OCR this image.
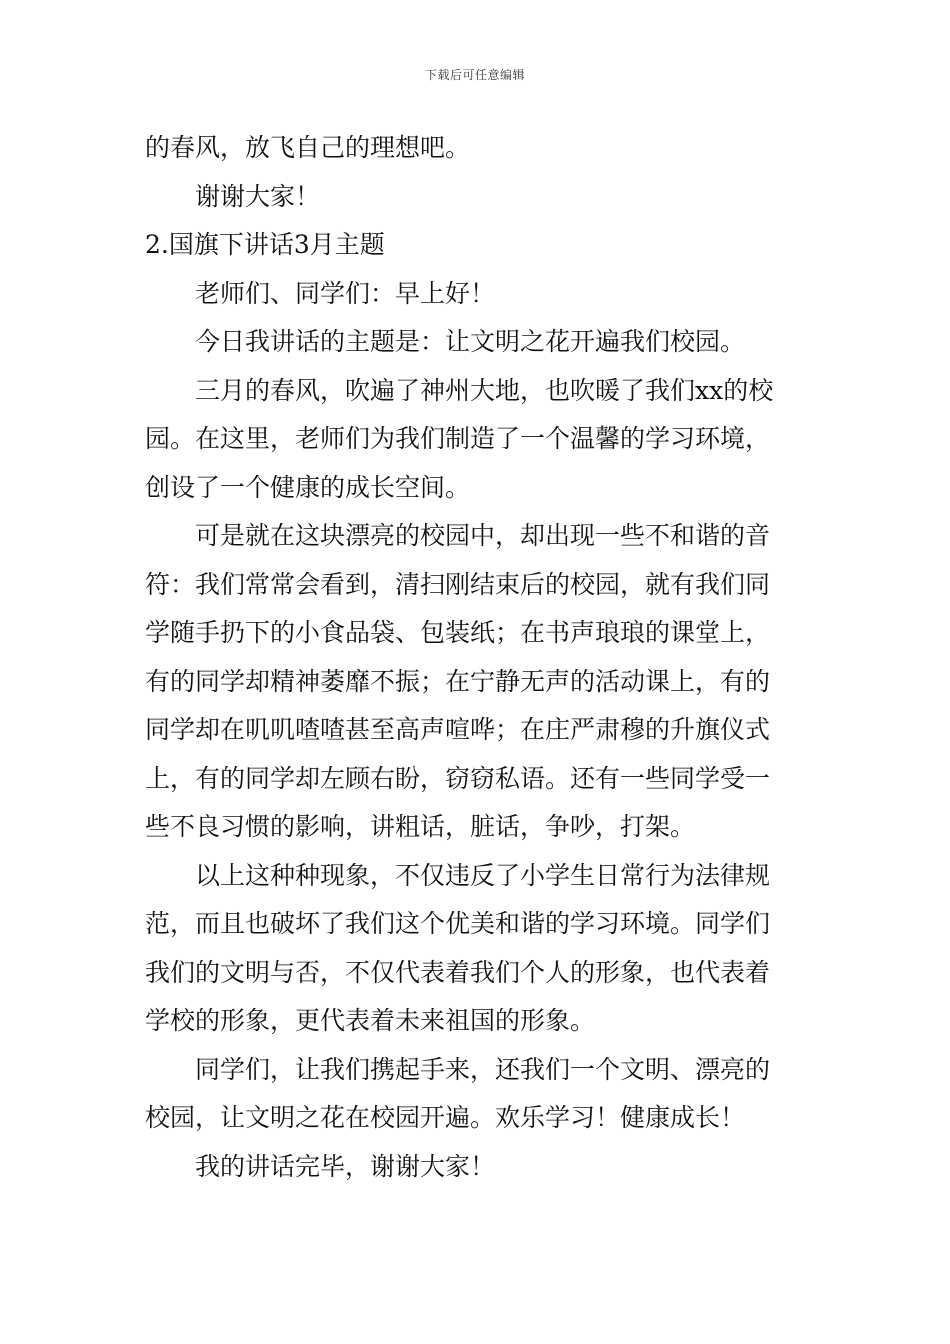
下载后可任意编辑
的春风，放飞自己的理想吧。
谢谢大家！
2.国旗下讲话3月主题
老师们、同学们：早上好！
今日我讲话的主题是：让文明之花开遍我们校园。
三月的春风，吹遍了神州大地，也吹暖了我们xx的校
园。在这里，老师们为我们制造了一个温馨的学习环境，
创设了一个健康的成长空间。
可是就在这块漂亮的校园中，却出现一些不和谐的音
符：我们常常会看到，清扫刚结束后的校园，就有我们同
学随手扔下的小食品袋、包装纸；在书声琅琅的课堂上，
有的同学却精神萎靡不振；在宁静无声的活动课上，有的
同学却在叽叽喳喳甚至高声喧哗；在庄严肃穆的升旗仪式
上，有的同学却左顾右盼，窃窃私语。还有一些同学受一
些不良习惯的影响，讲粗话，脏话，争吵，打架。
以上这种种现象，不仅违反了小学生日常行为法律规
范，而且也破坏了我们这个优美和谐的学习环境。同学们
我们的文明与否，不仅代表着我们个人的形象，也代表着
学校的形象，更代表着未来祖国的形象。
同学们，让我们携起手来，还我们一个文明、漂亮的
校园，让文明之花在校园开遍。欢乐学习！健康成长！
我的讲话完毕，谢谢大家！
